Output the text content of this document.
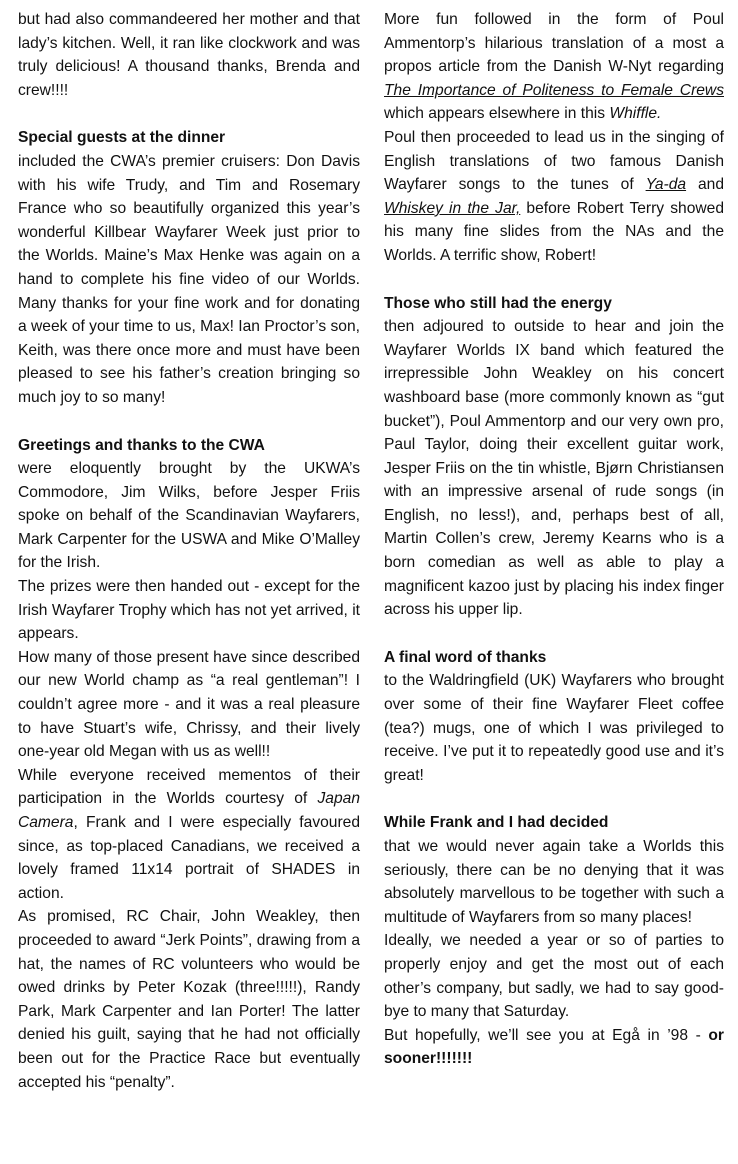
but had also commandeered her mother and that lady’s kitchen. Well, it ran like clockwork and was truly delicious! A thousand thanks, Brenda and crew!!!!

Special guests at the dinner

included the CWA’s premier cruisers: Don Davis with his wife Trudy, and Tim and Rosemary France who so beautifully organized this year’s wonderful Killbear Wayfarer Week just prior to the Worlds. Maine’s Max Henke was again on a hand to complete his fine video of our Worlds. Many thanks for your fine work and for donating a week of your time to us, Max! Ian Proctor’s son, Keith, was there once more and must have been pleased to see his father’s creation bringing so much joy to so many!

Greetings and thanks to the CWA

were eloquently brought by the UKWA’s Commodore, Jim Wilks, before Jesper Friis spoke on behalf of the Scandinavian Wayfarers, Mark Carpenter for the USWA and Mike O’Malley for the Irish.

The prizes were then handed out - except for the Irish Wayfarer Trophy which has not yet arrived, it appears.

How many of those present have since described our new World champ as “a real gentleman”! I couldn’t agree more - and it was a real pleasure to have Stuart’s wife, Chrissy, and their lively one-year old Megan with us as well!!

While everyone received mementos of their participation in the Worlds courtesy of Japan Camera, Frank and I were especially favoured since, as top-placed Canadians, we received a lovely framed 11x14 portrait of SHADES in action.

As promised, RC Chair, John Weakley, then proceeded to award “Jerk Points”, drawing from a hat, the names of RC volunteers who would be owed drinks by Peter Kozak (three!!!!!), Randy Park, Mark Carpenter and Ian Porter! The latter denied his guilt, saying that he had not officially been out for the Practice Race but eventually accepted his “penalty”.

More fun followed in the form of Poul Ammentorp’s hilarious translation of a most a propos article from the Danish W-Nyt regarding The Importance of Politeness to Female Crews which appears elsewhere in this Whiffle.

Poul then proceeded to lead us in the singing of English translations of two famous Danish Wayfarer songs to the tunes of Ya-da and Whiskey in the Jar, before Robert Terry showed his many fine slides from the NAs and the Worlds. A terrific show, Robert!

Those who still had the energy

then adjoured to outside to hear and join the Wayfarer Worlds IX band which featured the irrepressible John Weakley on his concert washboard base (more commonly known as “gut bucket”), Poul Ammentorp and our very own pro, Paul Taylor, doing their excellent guitar work, Jesper Friis on the tin whistle, Bjørn Christiansen with an impressive arsenal of rude songs (in English, no less!), and, perhaps best of all, Martin Collen’s crew, Jeremy Kearns who is a born comedian as well as able to play a magnificent kazoo just by placing his index finger across his upper lip.

A final word of thanks

to the Waldringfield (UK) Wayfarers who brought over some of their fine Wayfarer Fleet coffee (tea?) mugs, one of which I was privileged to receive. I’ve put it to repeatedly good use and it’s great!

While Frank and I had decided

that we would never again take a Worlds this seriously, there can be no denying that it was absolutely marvellous to be together with such a multitude of Wayfarers from so many places!

Ideally, we needed a year or so of parties to properly enjoy and get the most out of each other’s company, but sadly, we had to say good-bye to many that Saturday.

But hopefully, we’ll see you at Egå in ’98 - or sooner!!!!!!!
